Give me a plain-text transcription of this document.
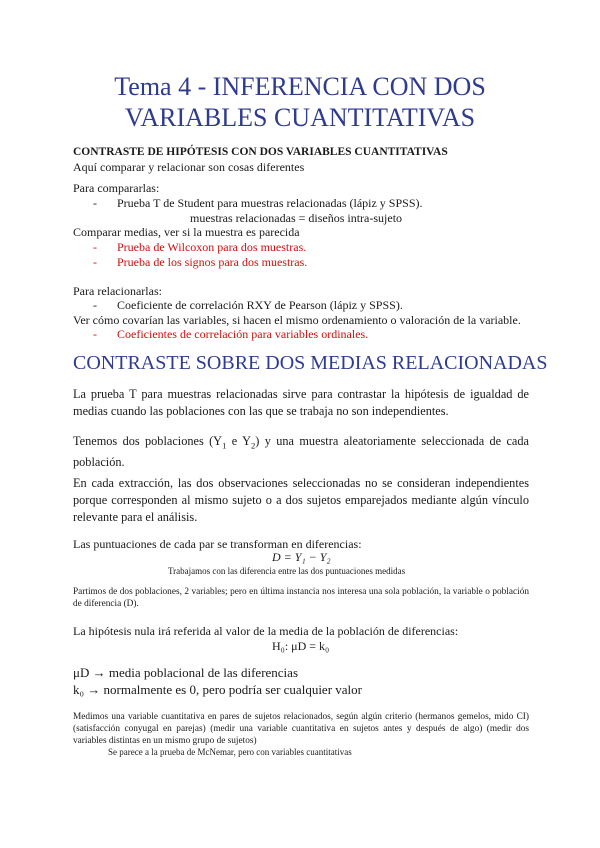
Tema 4 - INFERENCIA CON DOS
VARIABLES CUANTITATIVAS
CONTRASTE DE HIPÓTESIS CON DOS VARIABLES CUANTITATIVAS
Aquí comparar y relacionar son cosas diferentes
Para compararlas:
- Prueba T de Student para muestras relacionadas (lápiz y SPSS).
muestras relacionadas = diseños intra-sujeto
Comparar medias, ver si la muestra es parecida
- Prueba de Wilcoxon para dos muestras.
- Prueba de los signos para dos muestras.
Para relacionarlas:
- Coeficiente de correlación RXY de Pearson (lápiz y SPSS).
Ver cómo covarían las variables, si hacen el mismo ordenamiento o valoración de la variable.
- Coeficientes de correlación para variables ordinales.
CONTRASTE SOBRE DOS MEDIAS RELACIONADAS
La prueba T para muestras relacionadas sirve para contrastar la hipótesis de igualdad de medias cuando las poblaciones con las que se trabaja no son independientes.
Tenemos dos poblaciones ($Y_1$ e $Y_2$) y una muestra aleatoriamente seleccionada de cada población.
En cada extracción, las dos observaciones seleccionadas no se consideran independientes porque corresponden al mismo sujeto o a dos sujetos emparejados mediante algún vínculo relevante para el análisis.
Las puntuaciones de cada par se transforman en diferencias:
D = Y₁ − Y₂
Trabajamos con las diferencia entre las dos puntuaciones medidas
Partimos de dos poblaciones, 2 variables; pero en última instancia nos interesa una sola población, la variable o población de diferencia (D).
La hipótesis nula irá referida al valor de la media de la población de diferencias:
H₀: μD = k₀
μD → media poblacional de las diferencias
k₀ → normalmente es 0, pero podría ser cualquier valor
Medimos una variable cuantitativa en pares de sujetos relacionados, según algún criterio (hermanos gemelos, mido CI) (satisfacción conyugal en parejas) (medir una variable cuantitativa en sujetos antes y después de algo) (medir dos variables distintas en un mismo grupo de sujetos)
Se parece a la prueba de McNemar, pero con variables cuantitativas
